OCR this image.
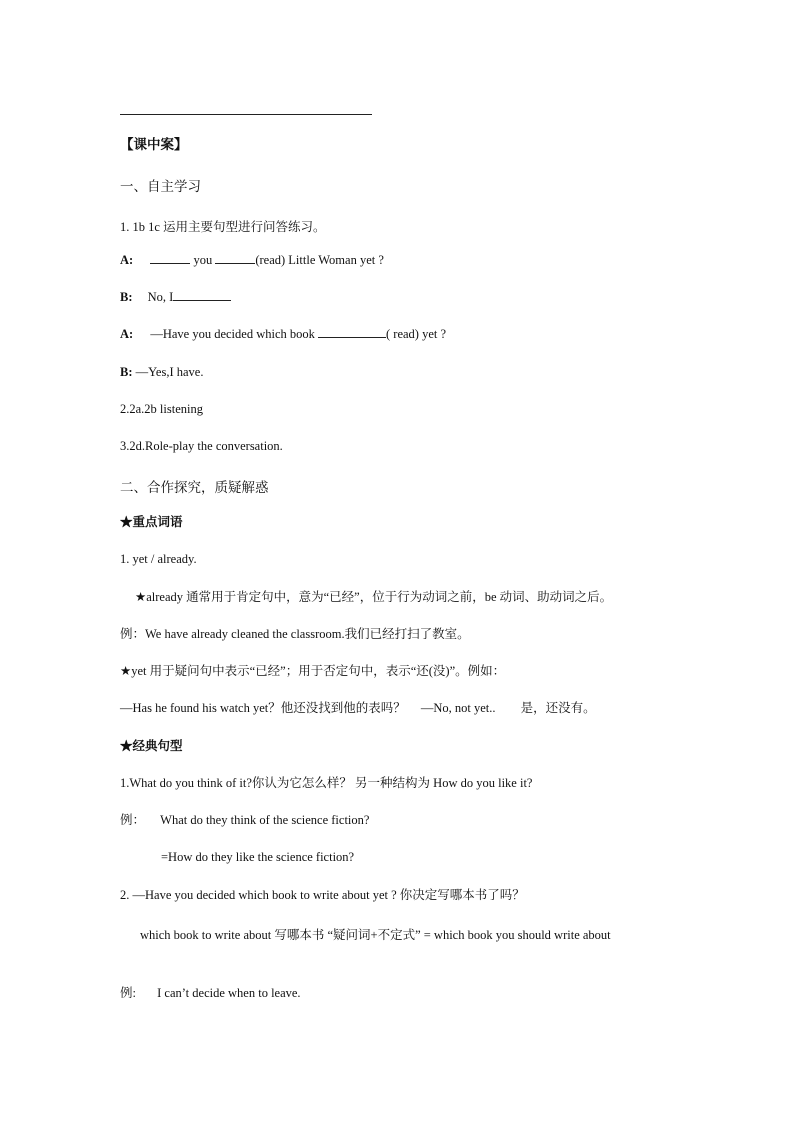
【课中案】
一、自主学习
1. 1b 1c 运用主要句型进行问答练习。
A:	you	(read) Little Woman yet ?
B: No, I
A: —Have you decided which book	( read) yet ?
B: —Yes,I have.
2.2a.2b listening
3.2d.Role-play the conversation.
二、合作探究，质疑解惑
★重点词语
1. yet / already.
★already 通常用于肯定句中，意为“已经”，位于行为动词之前，be 动词、助动词之后。
例：We have already cleaned the classroom.我们已经打扫了教室。
★yet 用于疑问句中表示“已经”；用于否定句中，表示“还(没)”。例如：
—Has he found his watch yet？他还没找到他的表吗？ —No, not yet.. 是，还没有。
★经典句型
1.What do you think of it?你认为它怎么样？ 另一种结构为 How do you like it?
例： What do they think of the science fiction?
=How do they like the science fiction?
2. —Have you decided which book to write about yet ? 你决定写哪本书了吗？
which book to write about 写哪本书 “疑问词+不定式” = which book you should write about
例: I can’t decide when to leave.
